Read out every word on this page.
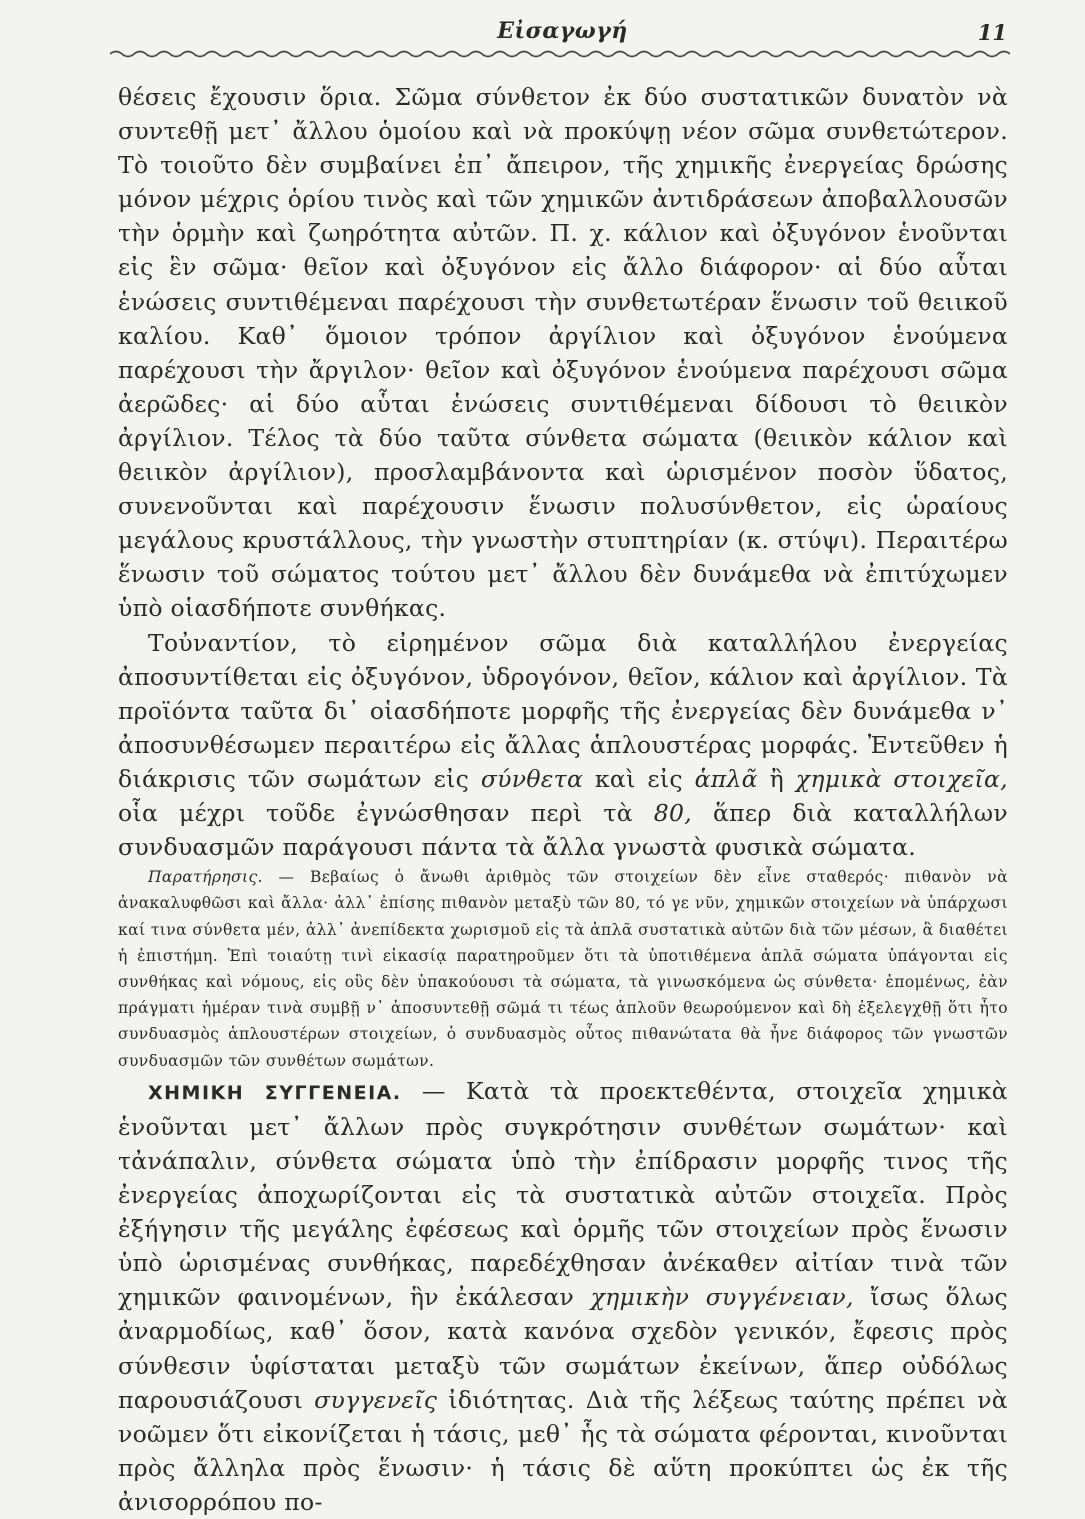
Εἰσαγωγή	11

θέσεις ἔχουσιν ὅρια. Σῶμα σύνθετον ἐκ δύο συστατικῶν δυνατὸν νὰ συντεθῇ μετ᾽ ἄλλου ὁμοίου καὶ νὰ προκύψῃ νέον σῶμα συνθετώτερον. Τὸ τοιοῦτο δὲν συμβαίνει ἐπ᾽ ἄπειρον, τῆς χημικῆς ἐνεργείας δρώσης μόνον μέχρις ὁρίου τινὸς καὶ τῶν χημικῶν ἀντιδράσεων ἀποβαλλουσῶν τὴν ὁρμὴν καὶ ζωηρότητα αὐτῶν. Π. χ. κάλιον καὶ ὀξυγόνον ἑνοῦνται εἰς ἓν σῶμα· θεῖον καὶ ὀξυγόνον εἰς ἄλλο διάφορον· αἱ δύο αὗται ἑνώσεις συντιθέμεναι παρέχουσι τὴν συνθετωτέραν ἕνωσιν τοῦ θειικοῦ καλίου. Καθ᾽ ὅμοιον τρόπον ἀργίλιον καὶ ὀξυγόνον ἑνούμενα παρέχουσι τὴν ἄργιλον· θεῖον καὶ ὀξυγόνον ἑνούμενα παρέχουσι σῶμα ἀερῶδες· αἱ δύο αὗται ἑνώσεις συντιθέμεναι δίδουσι τὸ θειικὸν ἀργίλιον. Τέλος τὰ δύο ταῦτα σύνθετα σώματα (θειικὸν κάλιον καὶ θειικὸν ἀργίλιον), προσλαμβάνοντα καὶ ὡρισμένον ποσὸν ὕδατος, συνενοῦνται καὶ παρέχουσιν ἕνωσιν πολυσύνθετον, εἰς ὡραίους μεγάλους κρυστάλλους, τὴν γνωστὴν στυπτηρίαν (κ. στύψι). Περαιτέρω ἕνωσιν τοῦ σώματος τούτου μετ᾽ ἄλλου δὲν δυνάμεθα νὰ ἐπιτύχωμεν ὑπὸ οἱασδήποτε συνθήκας.

Τοὐναντίον, τὸ εἰρημένον σῶμα διὰ καταλλήλου ἐνεργείας ἀποσυντίθεται εἰς ὀξυγόνον, ὑδρογόνον, θεῖον, κάλιον καὶ ἀργίλιον. Τὰ προϊόντα ταῦτα δι᾽ οἱασδήποτε μορφῆς τῆς ἐνεργείας δὲν δυνάμεθα ν᾽ ἀποσυνθέσωμεν περαιτέρω εἰς ἄλλας ἁπλουστέρας μορφάς. Ἐντεῦθεν ἡ διάκρισις τῶν σωμάτων εἰς σύνθετα καὶ εἰς ἁπλᾶ ἢ χημικὰ στοιχεῖα, οἷα μέχρι τοῦδε ἐγνώσθησαν περὶ τὰ 80, ἅπερ διὰ καταλλήλων συνδυασμῶν παράγουσι πάντα τὰ ἄλλα γνωστὰ φυσικὰ σώματα.

Παρατήρησις. — Βεβαίως ὁ ἄνωθι ἀριθμὸς τῶν στοιχείων δὲν εἶνε σταθερός· πιθανὸν νὰ ἀνακαλυφθῶσι καὶ ἄλλα· ἀλλ᾽ ἐπίσης πιθανὸν μεταξὺ τῶν 80, τό γε νῦν, χημικῶν στοιχείων νὰ ὑπάρχωσι καί τινα σύνθετα μέν, ἀλλ᾽ ἀνεπίδεκτα χωρισμοῦ εἰς τὰ ἁπλᾶ συστατικὰ αὐτῶν διὰ τῶν μέσων, ἃ διαθέτει ἡ ἐπιστήμη. Ἐπὶ τοιαύτῃ τινὶ εἰκασίᾳ παρατηροῦμεν ὅτι τὰ ὑποτιθέμενα ἁπλᾶ σώματα ὑπάγονται εἰς συνθήκας καὶ νόμους, εἰς οὓς δὲν ὑπακούουσι τὰ σώματα, τὰ γινωσκόμενα ὡς σύνθετα· ἑπομένως, ἐὰν πράγματι ἡμέραν τινὰ συμβῇ ν᾽ ἀποσυντεθῇ σῶμά τι τέως ἁπλοῦν θεωρούμενον καὶ δὴ ἐξελεγχθῇ ὅτι ἦτο συνδυασμὸς ἁπλουστέρων στοιχείων, ὁ συνδυασμὸς οὗτος πιθανώτατα θὰ ἦνε διάφορος τῶν γνωστῶν συνδυασμῶν τῶν συνθέτων σωμάτων.

ΧΗΜΙΚΗ ΣΥΓΓΕΝΕΙΑ. — Κατὰ τὰ προεκτεθέντα, στοιχεῖα χημικὰ ἑνοῦνται μετ᾽ ἄλλων πρὸς συγκρότησιν συνθέτων σωμάτων· καὶ τἀνάπαλιν, σύνθετα σώματα ὑπὸ τὴν ἐπίδρασιν μορφῆς τινος τῆς ἐνεργείας ἀποχωρίζονται εἰς τὰ συστατικὰ αὐτῶν στοιχεῖα. Πρὸς ἐξήγησιν τῆς μεγάλης ἐφέσεως καὶ ὁρμῆς τῶν στοιχείων πρὸς ἕνωσιν ὑπὸ ὡρισμένας συνθήκας, παρεδέχθησαν ἀνέκαθεν αἰτίαν τινὰ τῶν χημικῶν φαινομένων, ἣν ἐκάλεσαν χημικὴν συγγένειαν, ἴσως ὅλως ἀναρμοδίως, καθ᾽ ὅσον, κατὰ κανόνα σχεδὸν γενικόν, ἔφεσις πρὸς σύνθεσιν ὑφίσταται μεταξὺ τῶν σωμάτων ἐκείνων, ἅπερ οὐδόλως παρουσιάζουσι συγγενεῖς ἰδιότητας. Διὰ τῆς λέξεως ταύτης πρέπει νὰ νοῶμεν ὅτι εἰκονίζεται ἡ τάσις, μεθ᾽ ἧς τὰ σώματα φέρονται, κινοῦνται πρὸς ἄλληλα πρὸς ἕνωσιν· ἡ τάσις δὲ αὕτη προκύπτει ὡς ἐκ τῆς ἀνισορρόπου πο-
